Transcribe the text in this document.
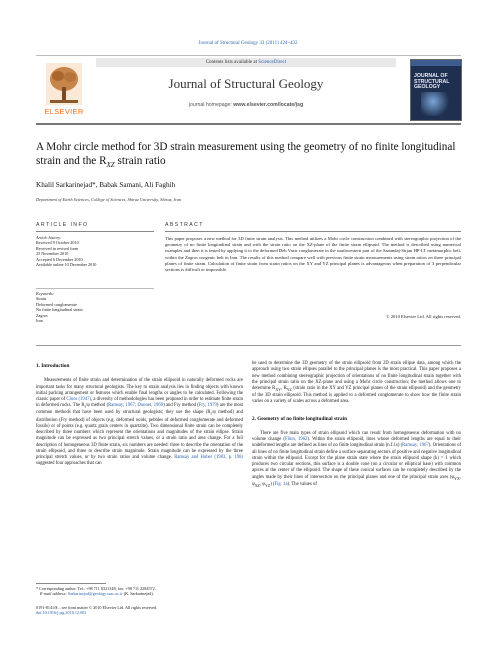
Journal of Structural Geology 33 (2011) 424–432
ELSEVIER
Contents lists available at ScienceDirect
Journal of Structural Geology
journal homepage: www.elsevier.com/locate/jsg
JOURNAL OF STRUCTURAL GEOLOGY
A Mohr circle method for 3D strain measurement using the geometry of no finite longitudinal strain and the $R_{XZ}$ strain ratio
Khalil Sarkarinejad*, Babak Samani, Ali Faghih
Department of Earth Sciences, College of Sciences, Shiraz University, Shiraz, Iran
ARTICLE INFO	ABSTRACT
Article history:
Received 9 October 2010
Received in revised form
25 November 2010
Accepted 6 December 2010
Available online 10 December 2010
Keywords:
Strain
Deformed conglomerate
No finite longitudinal strain
Zagros
Iran
This paper proposes a new method for 3D finite strain analysis. This method utilizes a Mohr circle construction combined with stereographic projection of the geometry of no finite longitudinal strain and with the strain ratio on the XZ-plane of the finite strain ellipsoid. The method is described using numerical examples and then it is tested by applying it to the deformed Deh Vazir conglomerate in the southwestern part of the Sanandaj-Sirjan HP-LT metamorphic belt, within the Zagros orogenic belt in Iran. The results of this method compare well with previous finite strain measurements using strain ratios on three principal planes of finite strain. Calculation of finite strain from strain ratios on the XY and YZ principal planes is advantageous when preparation of 3 perpendicular sections is difficult or impossible.
© 2010 Elsevier Ltd. All rights reserved.
1. Introduction

Measurements of finite strain and determination of the strain ellipsoid in naturally deformed rocks are important tasks for many structural geologists. The key to strain analysis lies in finding objects with known initial packing arrangement or features which enable final lengths or angles to be calculated. Following the classic paper of Cloos (1947), a diversity of methodologies has been proposed in order to estimate finite strain in deformed rocks. The $R_f/\varphi$ method (Ramsay, 1967; Dunnet, 1969) and Fry method (Fry, 1979) are the most common methods that have been used by structural geologists; they use the shape ($R_f/\varphi$ method) and distribution (Fry method) of objects (e.g. deformed ooids, pebbles of deformed conglomerate and deformed fossils) or of points (e.g. quartz grain centers in quartzite). Two dimensional finite strain can be completely described by three numbers which represent the orientations and magnitudes of the strain ellipse. Strain magnitude can be expressed as two principal stretch values, or a strain ratio and area change. For a full description of homogeneous 3D finite strain, six numbers are needed: three to describe the orientation of the strain ellipsoid, and three to describe strain magnitude. Strain magnitude can be expressed by the three principal stretch values, or by two strain ratios and volume change. Ramsay and Huber (1983, p. 198) suggested four approaches that can

be used to determine the 3D geometry of the strain ellipsoid from 2D strain ellipse data, among which the approach using two strain ellipses parallel to the principal planes is the most practical. This paper proposes a new method combining stereographic projection of orientations of no finite longitudinal strain together with the principal strain ratio on the XZ-plane and using a Mohr circle construction; the method allows one to determine $R_{XY}$, $R_{YZ}$ (strain ratio in the XY and YZ principal planes of the strain ellipsoid) and the geometry of the 3D strain ellipsoid. This method is applied to a deformed conglomerate to show how the finite strain varies on a variety of scales across a deformed area.

2. Geometry of no finite longitudinal strain

There are five main types of strain ellipsoid which can result from homogeneous deformation with no volume change (Flinn, 1962). Within the strain ellipsoid, lines whose deformed lengths are equal to their undeformed lengths are defined as lines of no finite longitudinal strain (n.f.l.s) (Ramsay, 1967). Orientations of all lines of no finite longitudinal strain define a surface separating sectors of positive and negative longitudinal strain within the ellipsoid. Except for the plane strain state where the strain ellipsoid shape (k) = 1 which produces two circular sections, this surface is a double cone (on a circular or elliptical base) with common apices at the center of the ellipsoid. The shape of these conical surfaces can be completely described by the angles made by their lines of intersection on the principal planes and one of the principal strain axes ($\varphi_{YX}$, $\varphi_{XZ}$, $\varphi_{YZ}$) (Fig. 1a). The values of

* Corresponding author. Tel.: +98 711 8321348; fax: +98 711 2284572.
E-mail address: Sarkarinejad@geology.susc.ac.ir (K. Sarkarinejad).
0191-8141/$ – see front matter © 2010 Elsevier Ltd. All rights reserved.
doi:10.1016/j.jsg.2010.12.002
